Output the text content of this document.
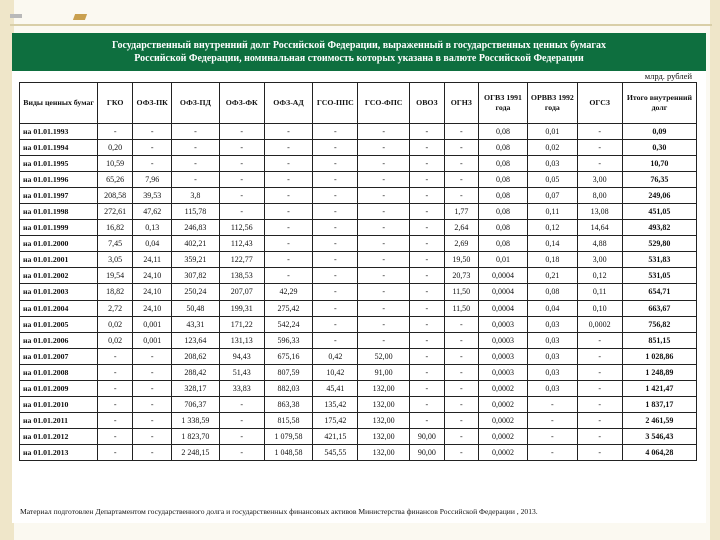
Государственный внутренний долг Российской Федерации, выраженный в государственных ценных бумагах
Российской Федерации, номинальная стоимость которых указана в валюте Российской Федерации
млрд. рублей
Виды ценных бумаг	ГКО	ОФЗ-ПК	ОФЗ-ПД	ОФЗ-ФК	ОФЗ-АД	ГСО-ППС	ГСО-ФПС	ОВОЗ	ОГНЗ	ОГВЗ 1991 года	ОРВВЗ 1992 года	ОГСЗ	Итого внутренний долг
на 01.01.1993	-	-	-	-	-	-	-	-	-	0,08	0,01	-	0,09
на 01.01.1994	0,20	-	-	-	-	-	-	-	-	0,08	0,02	-	0,30
на 01.01.1995	10,59	-	-	-	-	-	-	-	-	0,08	0,03	-	10,70
на 01.01.1996	65,26	7,96	-	-	-	-	-	-	-	0,08	0,05	3,00	76,35
на 01.01.1997	208,58	39,53	3,8	-	-	-	-	-	-	0,08	0,07	8,00	249,06
на 01.01.1998	272,61	47,62	115,78	-	-	-	-	-	1,77	0,08	0,11	13,08	451,05
на 01.01.1999	16,82	0,13	246,83	112,56	-	-	-	-	2,64	0,08	0,12	14,64	493,82
на 01.01.2000	7,45	0,04	402,21	112,43	-	-	-	-	2,69	0,08	0,14	4,88	529,80
на 01.01.2001	3,05	24,11	359,21	122,77	-	-	-	-	19,50	0,01	0,18	3,00	531,83
на 01.01.2002	19,54	24,10	307,82	138,53	-	-	-	-	20,73	0,0004	0,21	0,12	531,05
на 01.01.2003	18,82	24,10	250,24	207,07	42,29	-	-	-	11,50	0,0004	0,08	0,11	654,71
на 01.01.2004	2,72	24,10	50,48	199,31	275,42	-	-	-	11,50	0,0004	0,04	0,10	663,67
на 01.01.2005	0,02	0,001	43,31	171,22	542,24	-	-	-	-	0,0003	0,03	0,0002	756,82
на 01.01.2006	0,02	0,001	123,64	131,13	596,33	-	-	-	-	0,0003	0,03	-	851,15
на 01.01.2007	-	-	208,62	94,43	675,16	0,42	52,00	-	-	0,0003	0,03	-	1 028,86
на 01.01.2008	-	-	288,42	51,43	807,59	10,42	91,00	-	-	0,0003	0,03	-	1 248,89
на 01.01.2009	-	-	328,17	33,83	882,03	45,41	132,00	-	-	0,0002	0,03	-	1 421,47
на 01.01.2010	-	-	706,37	-	863,38	135,42	132,00	-	-	0,0002	-	-	1 837,17
на 01.01.2011	-	-	1 338,59	-	815,58	175,42	132,00	-	-	0,0002	-	-	2 461,59
на 01.01.2012	-	-	1 823,70	-	1 079,58	421,15	132,00	90,00	-	0,0002	-	-	3 546,43
на 01.01.2013	-	-	2 248,15	-	1 048,58	545,55	132,00	90,00	-	0,0002	-	-	4 064,28
Материал подготовлен Департаментом государственного долга и государственных финансовых активов Министерства финансов Российской Федерации , 2013.
